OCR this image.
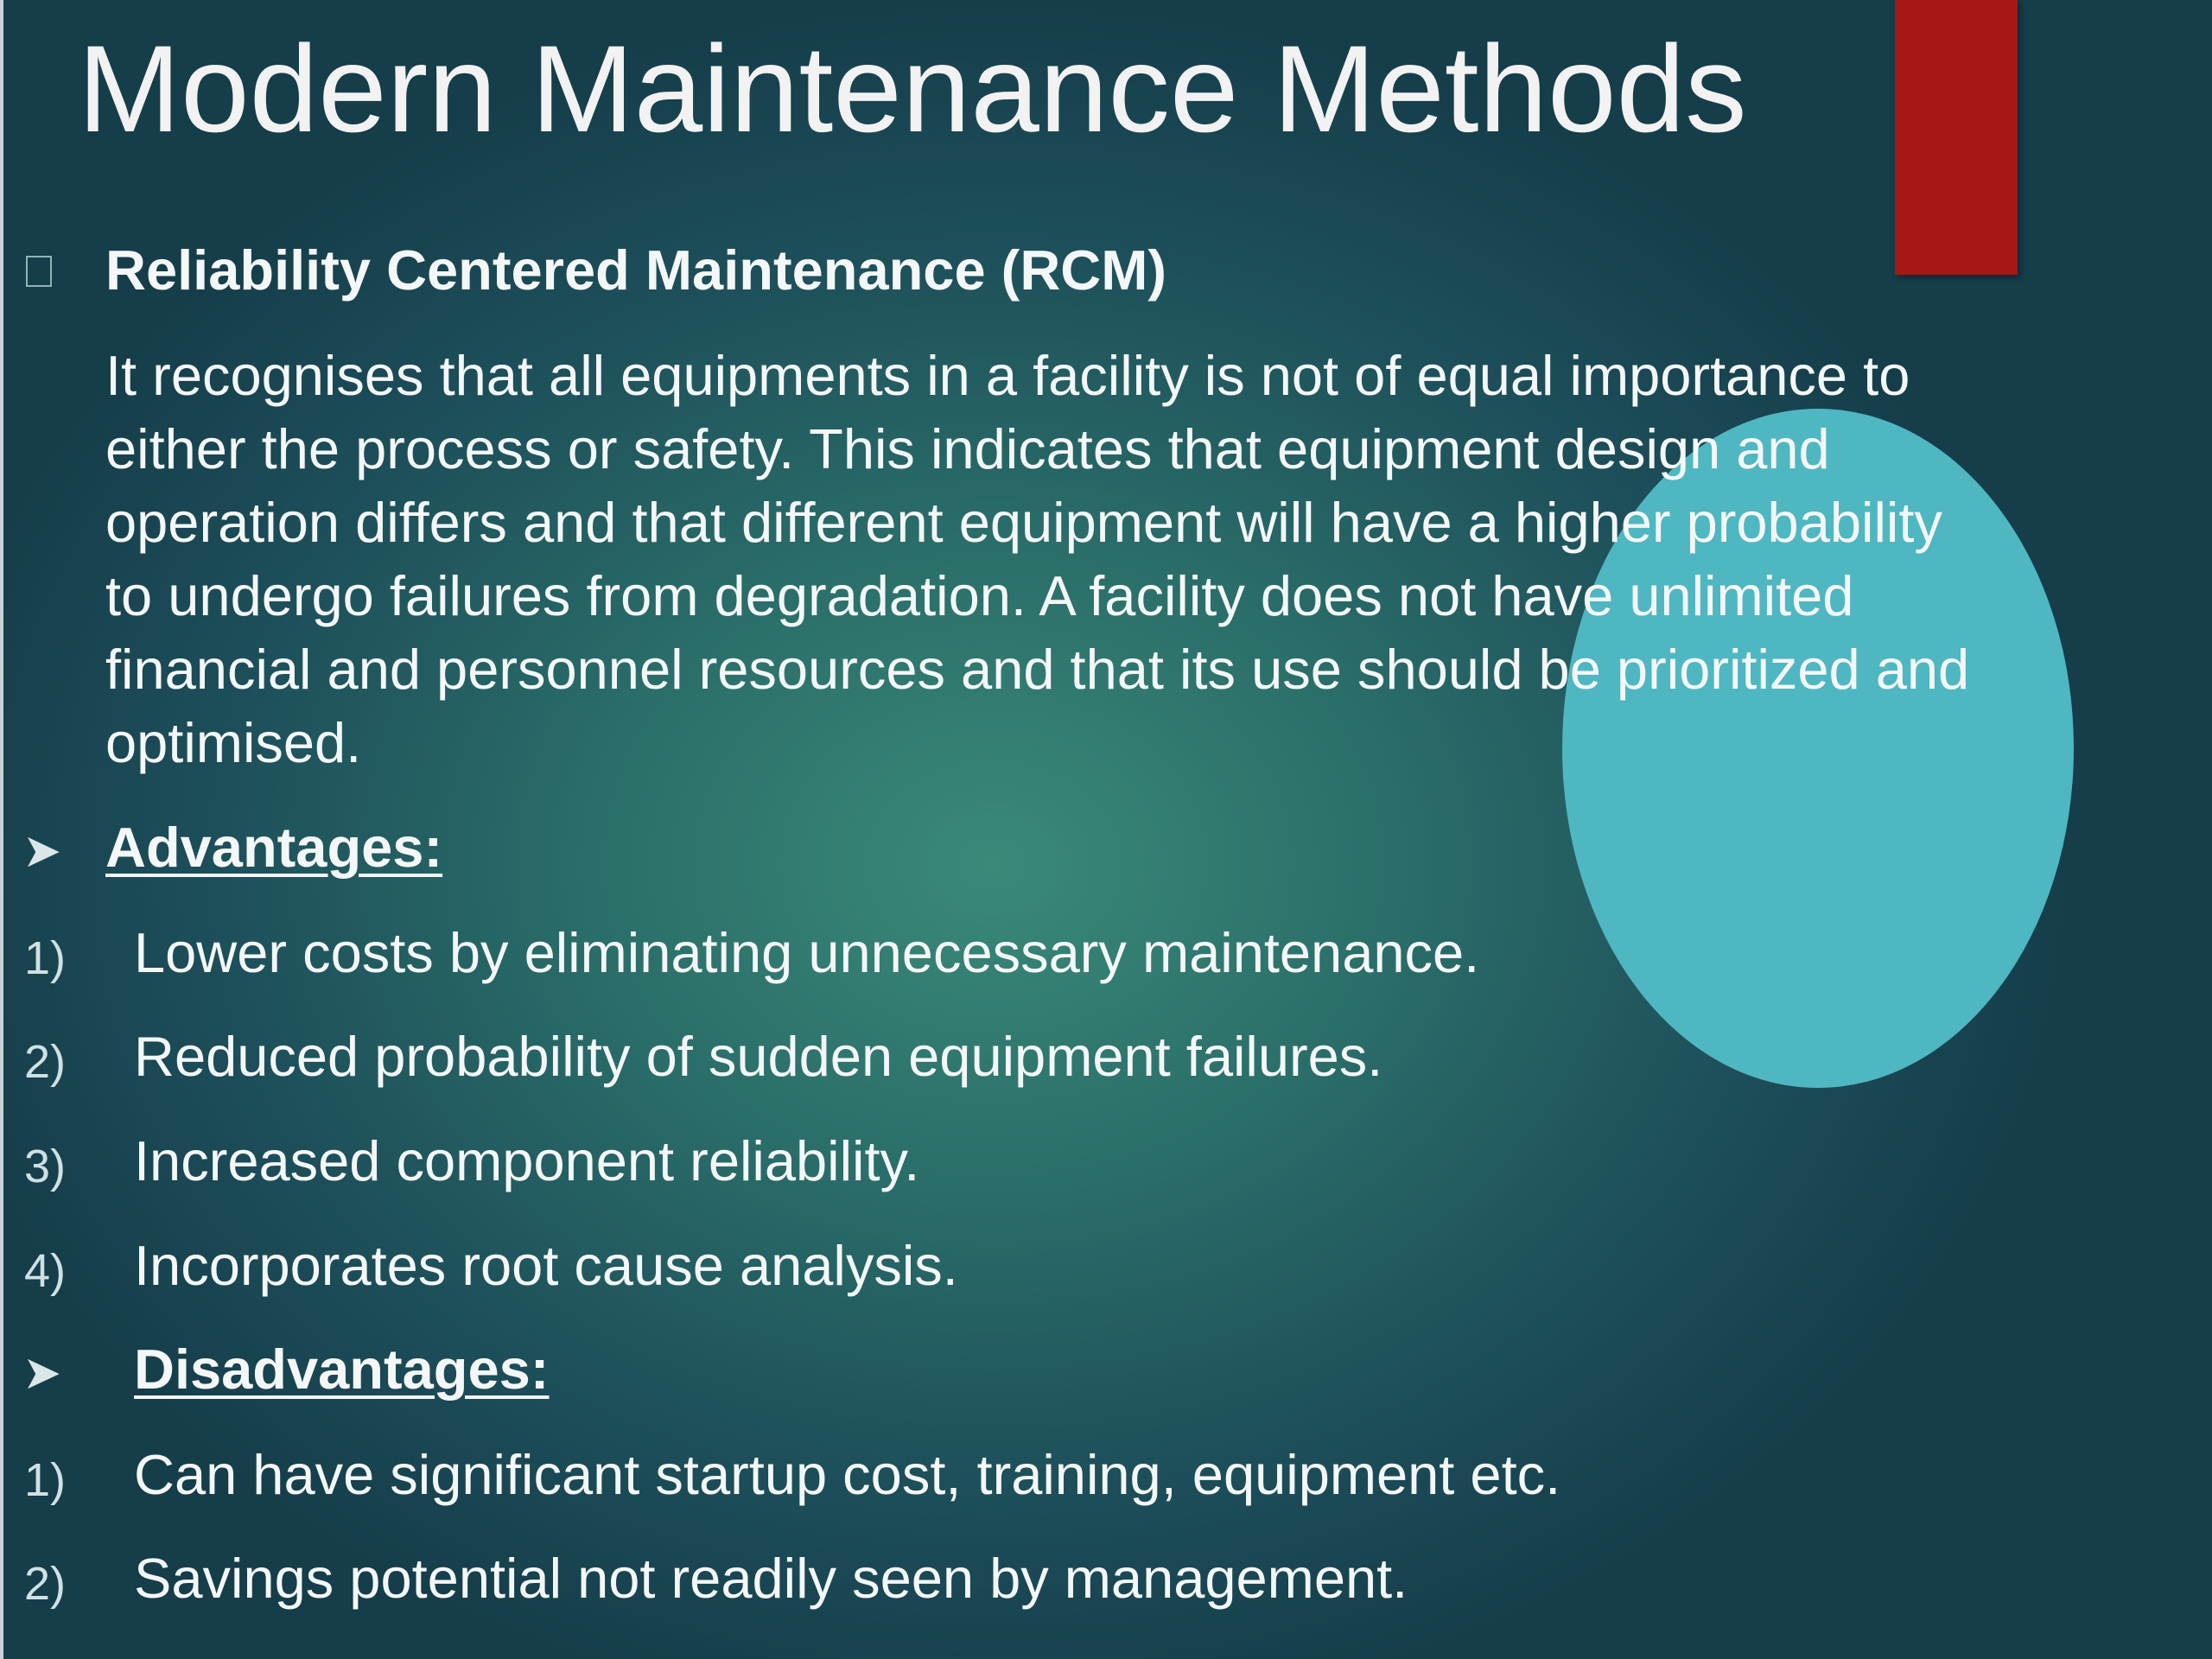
Modern Maintenance Methods
Reliability Centered Maintenance (RCM)
It recognises that all equipments in a facility is not of equal importance to
either the process or safety. This indicates that equipment design and
operation differs and that different equipment will have a higher probability
to undergo failures from degradation. A facility does not have unlimited
financial and personnel resources and that its use should be prioritized and
optimised.
➤ Advantages:
1) Lower costs by eliminating unnecessary maintenance.

2) Reduced probability of sudden equipment failures.

3) Increased component reliability.

4) Incorporates root cause analysis.

➤ Disadvantages:
1) Can have significant startup cost, training, equipment etc.

2) Savings potential not readily seen by management.
